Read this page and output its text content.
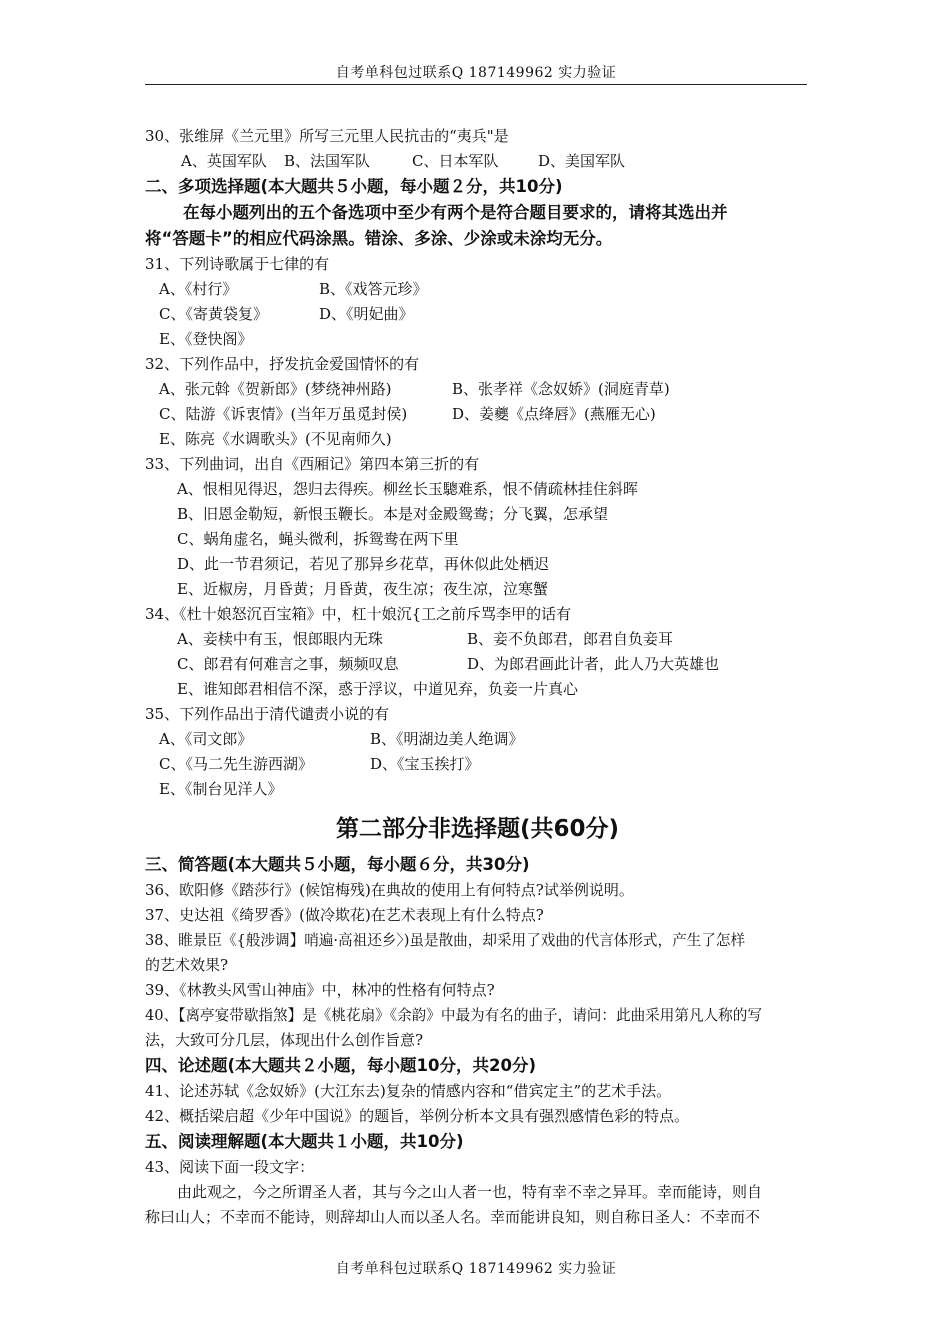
自考单科包过联系Q 187149962 实力验证
30、张维屏《兰元里》所写三元里人民抗击的“夷兵"是
A、英国军队 B、法国军队	C、日本军队	D、美国军队
二、多项选择题(本大题共５小题，每小题２分，共10分)
在每小题列出的五个备选项中至少有两个是符合题目要求的，请将其选出并
将“答题卡”的相应代码涂黑。错涂、多涂、少涂或未涂均无分。
31、下列诗歌属于七律的有
A、《村行》	B、《戏答元珍》
C、《寄黄袋复》	D、《明妃曲》
E、《登快阁》
32、下列作品中，抒发抗金爱国情怀的有
A、张元斡《贺新郎》(梦绕神州路)	B、张孝祥《念奴娇》(洞庭青草)
C、陆游《诉衷情》(当年万虽觅封侯)	D、姜夔《点绛唇》(燕雁无心)
E、陈亮《水调歌头》(不见南师久)
33、下列曲词，出自《西厢记》第四本第三折的有
A、恨相见得迟，怨归去得疾。柳丝长玉驄难系，恨不倩疏林挂住斜晖
B、旧恩金勒短，新恨玉鞭长。本是对金殿鸳鸯；分飞翼，怎承望
C、蜗角虚名，蝇头微利，拆鸳鸯在两下里
D、此一节君须记，若见了那异乡花草，再休似此处栖迟
E、近椒房，月昏黄；月昏黄，夜生凉；夜生凉，泣寒蟹
34、《杜十娘怒沉百宝箱》中，杠十娘沉{工之前斥骂李甲的话有
A、妾椟中有玉，恨郎眼内无珠	B、妾不负郎君，郎君自负妾耳
C、郎君有何难言之事，频频叹息	D、为郎君画此计者，此人乃大英雄也
E、谁知郎君相信不深，惑于浮议，中道见弃，负妾一片真心
35、下列作品出于清代谴责小说的有
A、《司文郎》	B、《明湖边美人绝调》
C、《马二先生游西湖》	D、《宝玉挨打》
E、《制台见洋人》
第二部分非选择题(共60分)
三、简答题(本大题共５小题，每小题６分，共30分)
36、欧阳修《踏莎行》(候馆梅残)在典故的使用上有何特点?试举例说明。
37、史达祖《绮罗香》(做冷欺花)在艺术表现上有什么特点?
38、睢景臣《{般涉调】哨遍·高祖还乡〉)虽是散曲，却采用了戏曲的代言体形式，产生了怎样
的艺术效果?
39、《林教头风雪山神庙》中，林冲的性格有何特点?
40、【离亭宴带歇指煞】是《桃花扇》《余韵》中最为有名的曲子，请问：此曲采用第凡人称的写
法，大致可分几层，体现出什么创作旨意?
四、论述题(本大题共２小题，每小题10分，共20分)
41、论述苏轼《念奴娇》(大江东去)复杂的情感内容和“借宾定主”的艺术手法。
42、概括梁启超《少年中国说》的题旨，举例分析本文具有强烈感情色彩的特点。
五、阅读理解题(本大题共１小题，共10分)
43、阅读下面一段文字：
由此观之，今之所谓圣人者，其与今之山人者一也，特有幸不幸之异耳。幸而能诗，则自
称曰山人；不幸而不能诗，则辞却山人而以圣人名。幸而能讲良知，则自称日圣人：不幸而不
自考单科包过联系Q 187149962 实力验证
